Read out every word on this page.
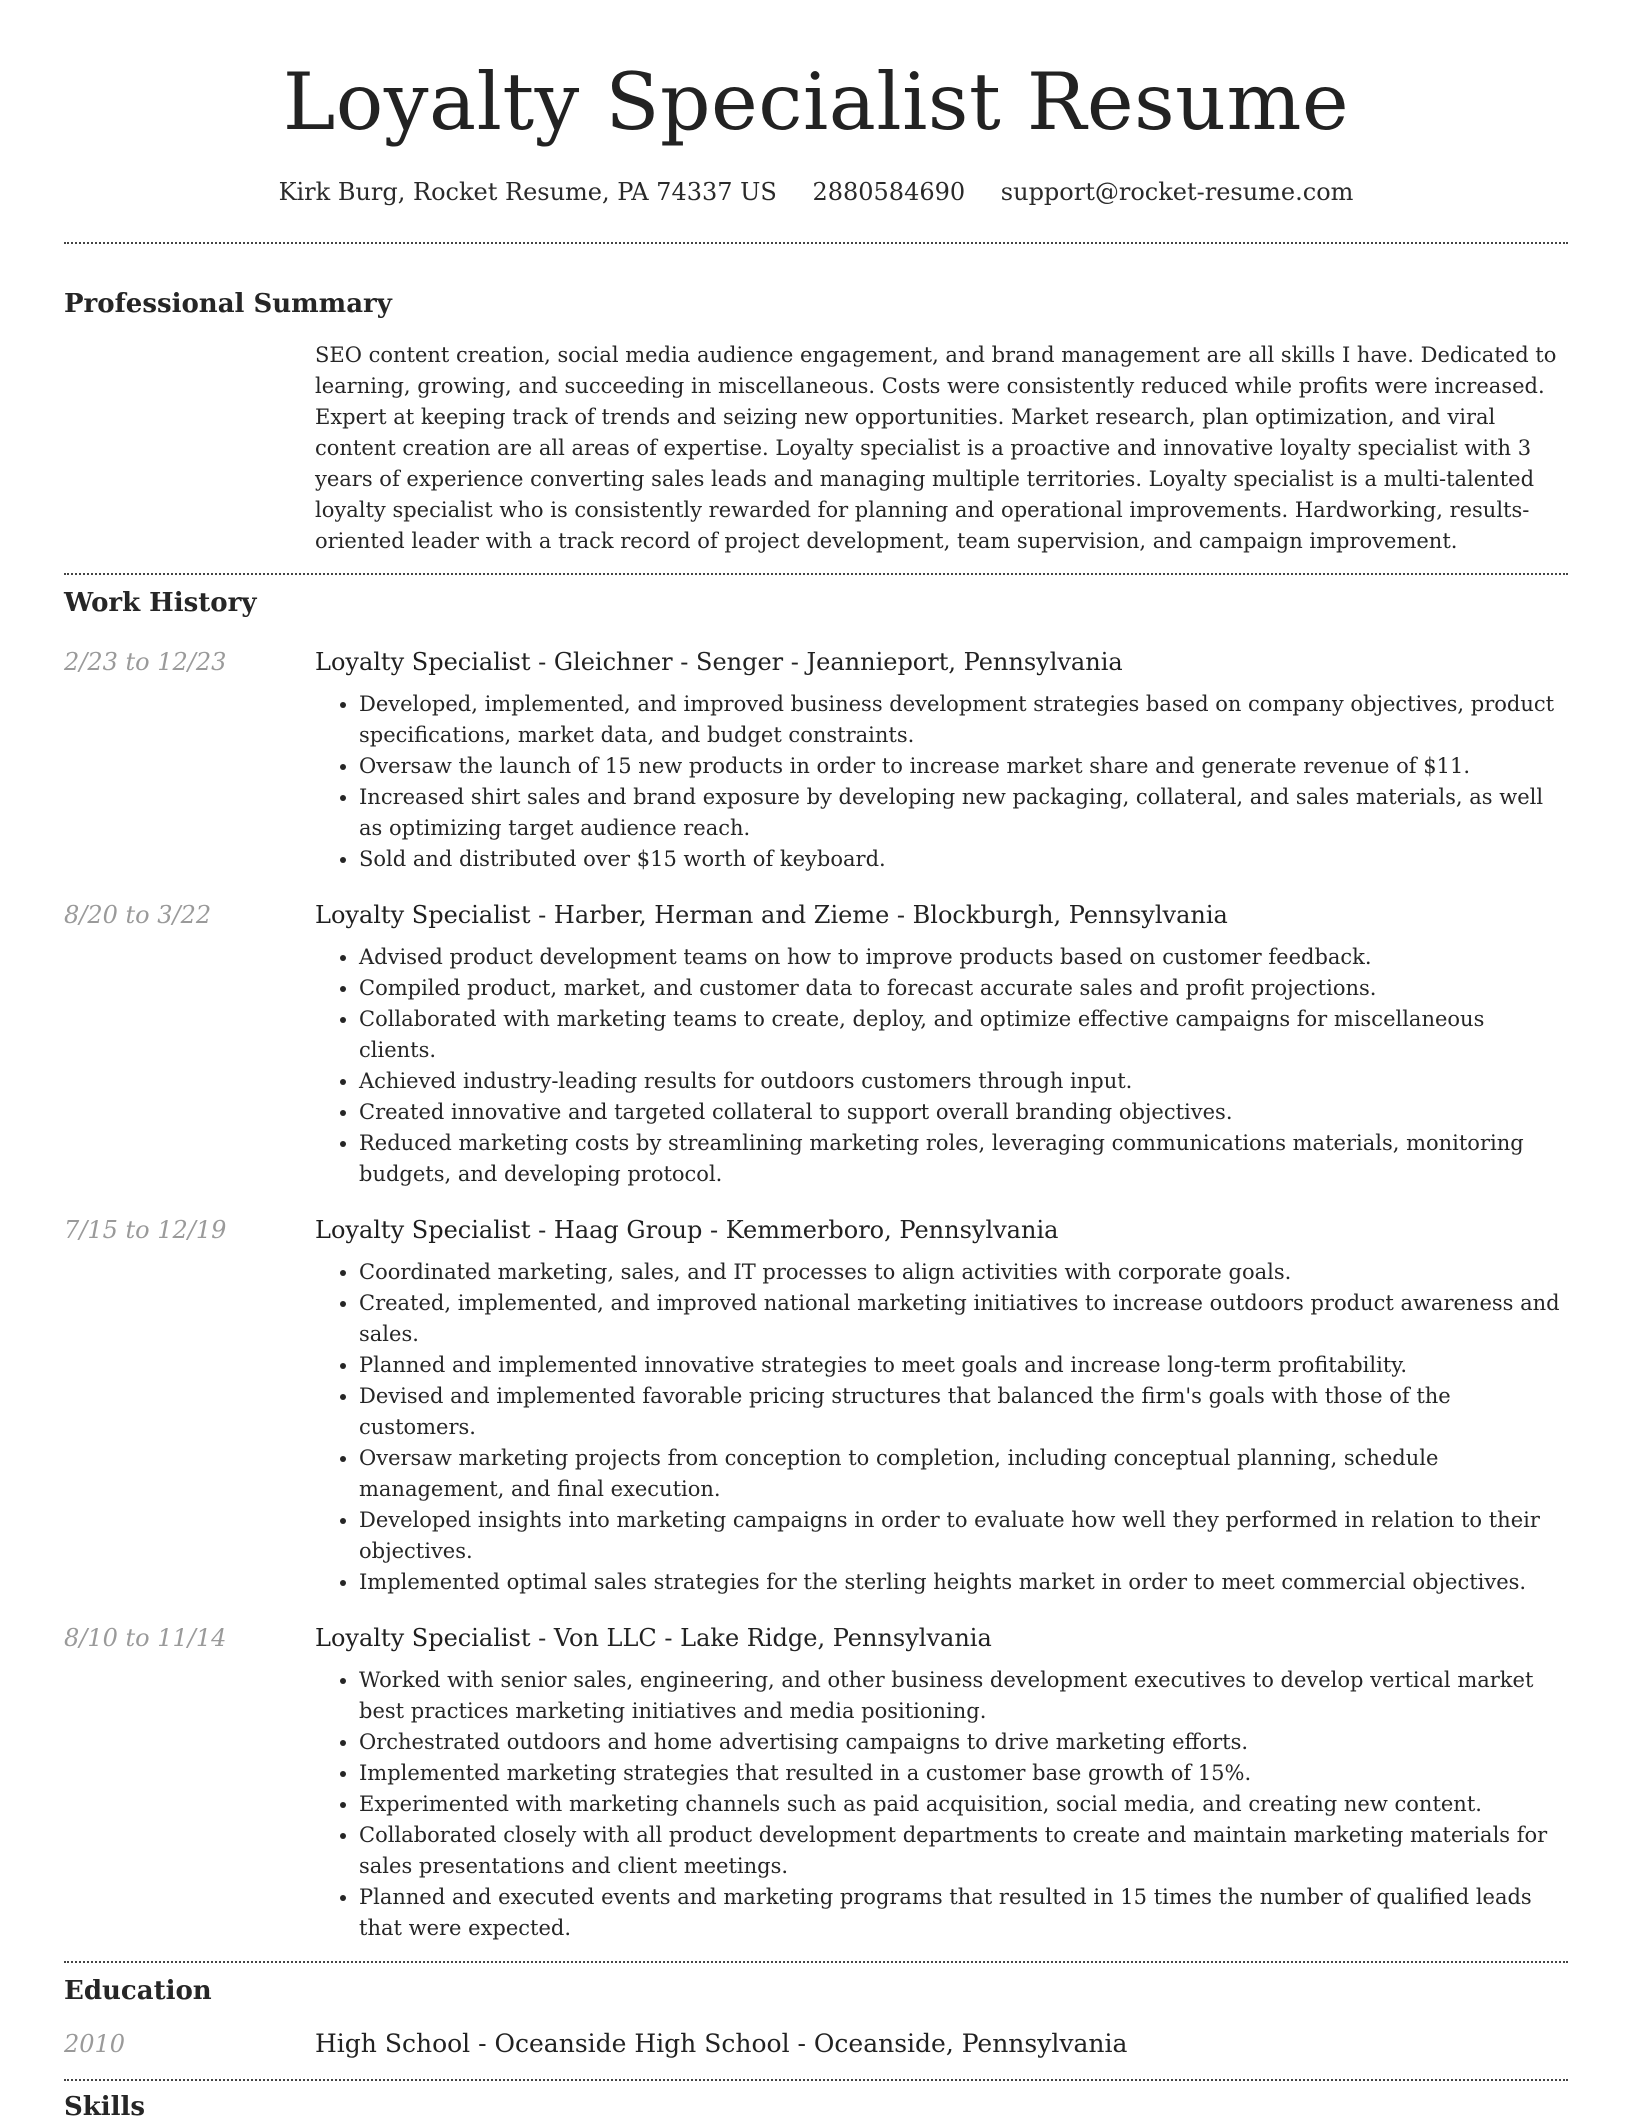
Loyalty Specialist Resume
Kirk Burg, Rocket Resume, PA 74337 US 2880584690 support@rocket-resume.com
Professional Summary

SEO content creation, social media audience engagement, and brand management are all skills I have. Dedicated to learning, growing, and succeeding in miscellaneous. Costs were consistently reduced while profits were increased. Expert at keeping track of trends and seizing new opportunities. Market research, plan optimization, and viral content creation are all areas of expertise. Loyalty specialist is a proactive and innovative loyalty specialist with 3 years of experience converting sales leads and managing multiple territories. Loyalty specialist is a multi-talented loyalty specialist who is consistently rewarded for planning and operational improvements. Hardworking, results-oriented leader with a track record of project development, team supervision, and campaign improvement.

Work History
2/23 to 12/23	Loyalty Specialist - Gleichner - Senger - Jeannieport, Pennsylvania
• Developed, implemented, and improved business development strategies based on company objectives, product specifications, market data, and budget constraints.
• Oversaw the launch of 15 new products in order to increase market share and generate revenue of $11.
• Increased shirt sales and brand exposure by developing new packaging, collateral, and sales materials, as well as optimizing target audience reach.
• Sold and distributed over $15 worth of keyboard.
8/20 to 3/22	Loyalty Specialist - Harber, Herman and Zieme - Blockburgh, Pennsylvania
• Advised product development teams on how to improve products based on customer feedback.
• Compiled product, market, and customer data to forecast accurate sales and profit projections.
• Collaborated with marketing teams to create, deploy, and optimize effective campaigns for miscellaneous clients.
• Achieved industry-leading results for outdoors customers through input.
• Created innovative and targeted collateral to support overall branding objectives.
• Reduced marketing costs by streamlining marketing roles, leveraging communications materials, monitoring budgets, and developing protocol.
7/15 to 12/19	Loyalty Specialist - Haag Group - Kemmerboro, Pennsylvania
• Coordinated marketing, sales, and IT processes to align activities with corporate goals.
• Created, implemented, and improved national marketing initiatives to increase outdoors product awareness and sales.
• Planned and implemented innovative strategies to meet goals and increase long-term profitability.
• Devised and implemented favorable pricing structures that balanced the firm's goals with those of the customers.
• Oversaw marketing projects from conception to completion, including conceptual planning, schedule management, and final execution.
• Developed insights into marketing campaigns in order to evaluate how well they performed in relation to their objectives.
• Implemented optimal sales strategies for the sterling heights market in order to meet commercial objectives.
8/10 to 11/14	Loyalty Specialist - Von LLC - Lake Ridge, Pennsylvania
• Worked with senior sales, engineering, and other business development executives to develop vertical market best practices marketing initiatives and media positioning.
• Orchestrated outdoors and home advertising campaigns to drive marketing efforts.
• Implemented marketing strategies that resulted in a customer base growth of 15%.
• Experimented with marketing channels such as paid acquisition, social media, and creating new content.
• Collaborated closely with all product development departments to create and maintain marketing materials for sales presentations and client meetings.
• Planned and executed events and marketing programs that resulted in 15 times the number of qualified leads that were expected.
Education
2010	High School - Oceanside High School - Oceanside, Pennsylvania
Skills
